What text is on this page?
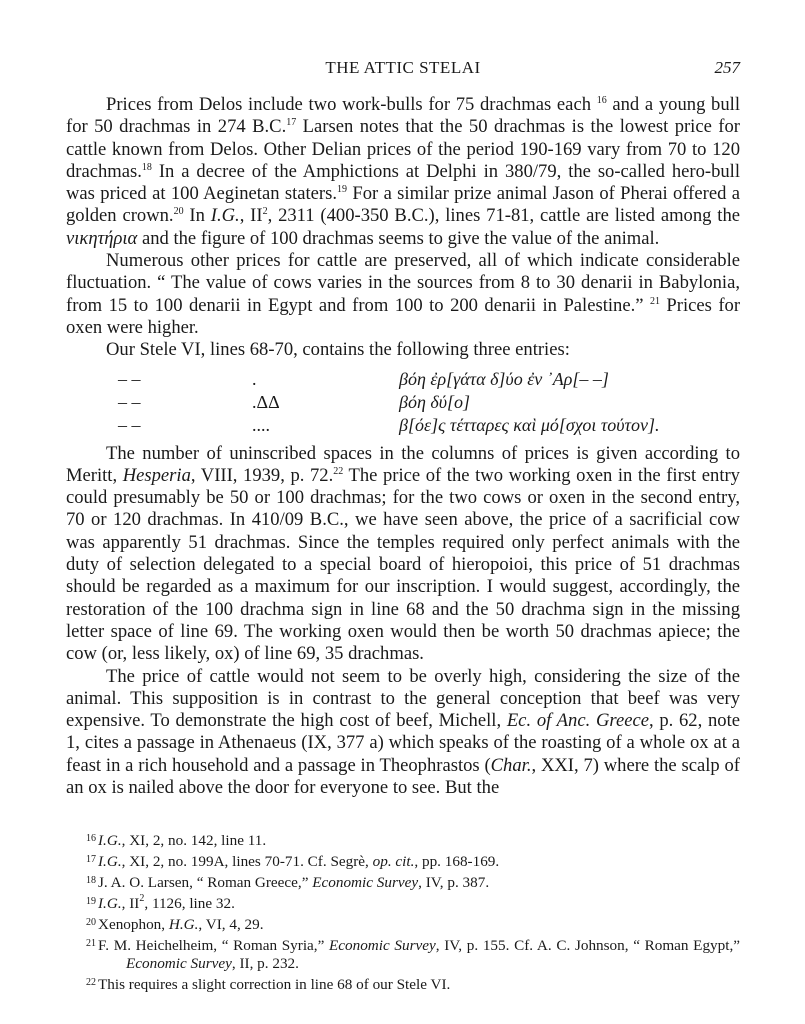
THE ATTIC STELAI	257

Prices from Delos include two work-bulls for 75 drachmas each $^{16}$ and a young bull for 50 drachmas in 274 B.C.$^{17}$ Larsen notes that the 50 drachmas is the lowest price for cattle known from Delos. Other Delian prices of the period 190-169 vary from 70 to 120 drachmas.$^{18}$ In a decree of the Amphictions at Delphi in 380/79, the so-called hero-bull was priced at 100 Aeginetan staters.$^{19}$ For a similar prize animal Jason of Pherai offered a golden crown.$^{20}$ In I.G., $II^2$, 2311 (400-350 B.C.), lines 71-81, cattle are listed among the νικητήρια and the figure of 100 drachmas seems to give the value of the animal.

Numerous other prices for cattle are preserved, all of which indicate considerable fluctuation. “ The value of cows varies in the sources from 8 to 30 denarii in Babylonia, from 15 to 100 denarii in Egypt and from 100 to 200 denarii in Palestine.” $^{21}$ Prices for oxen were higher.

Our Stele VI, lines 68-70, contains the following three entries:

– –	.	βόη ἐρ[γάτα δ]ύο ἐν ᾿Αρ[– –]
– –	.ΔΔ	βόη δύ[ο]
– –	....	β[όε]ς τέτταρες καὶ μό[σχοι τούτον].

The number of uninscribed spaces in the columns of prices is given according to Meritt, Hesperia, VIII, 1939, p. 72.22 The price of the two working oxen in the first entry could presumably be 50 or 100 drachmas; for the two cows or oxen in the second entry, 70 or 120 drachmas. In 410/09 B.C., we have seen above, the price of a sacrificial cow was apparently 51 drachmas. Since the temples required only perfect animals with the duty of selection delegated to a special board of hieropoioi, this price of 51 drachmas should be regarded as a maximum for our inscription. I would suggest, accordingly, the restoration of the 100 drachma sign in line 68 and the 50 drachma sign in the missing letter space of line 69. The working oxen would then be worth 50 drachmas apiece; the cow (or, less likely, ox) of line 69, 35 drachmas.

The price of cattle would not seem to be overly high, considering the size of the animal. This supposition is in contrast to the general conception that beef was very expensive. To demonstrate the high cost of beef, Michell, Ec. of Anc. Greece, p. 62, note 1, cites a passage in Athenaeus (IX, 377 a) which speaks of the roasting of a whole ox at a feast in a rich household and a passage in Theophrastos (Char., XXI, 7) where the scalp of an ox is nailed above the door for everyone to see. But the

$^{16}$ I.G., XI, 2, no. 142, line 11.

$^{17}$ I.G., XI, 2, no. 199A, lines 70-71. Cf. Segrè, op. cit., pp. 168-169.

$^{18}$ J. A. O. Larsen, “ Roman Greece,” Economic Survey, IV, p. 387.

$^{19}$ I.G., $II^2$, 1126, line 32.

$^{20}$ Xenophon, H.G., VI, 4, 29.

$^{21}$ F. M. Heichelheim, “ Roman Syria,” Economic Survey, IV, p. 155. Cf. A. C. Johnson, “ Roman Egypt,” Economic Survey, II, p. 232.

$^{22}$ This requires a slight correction in line 68 of our Stele VI.
